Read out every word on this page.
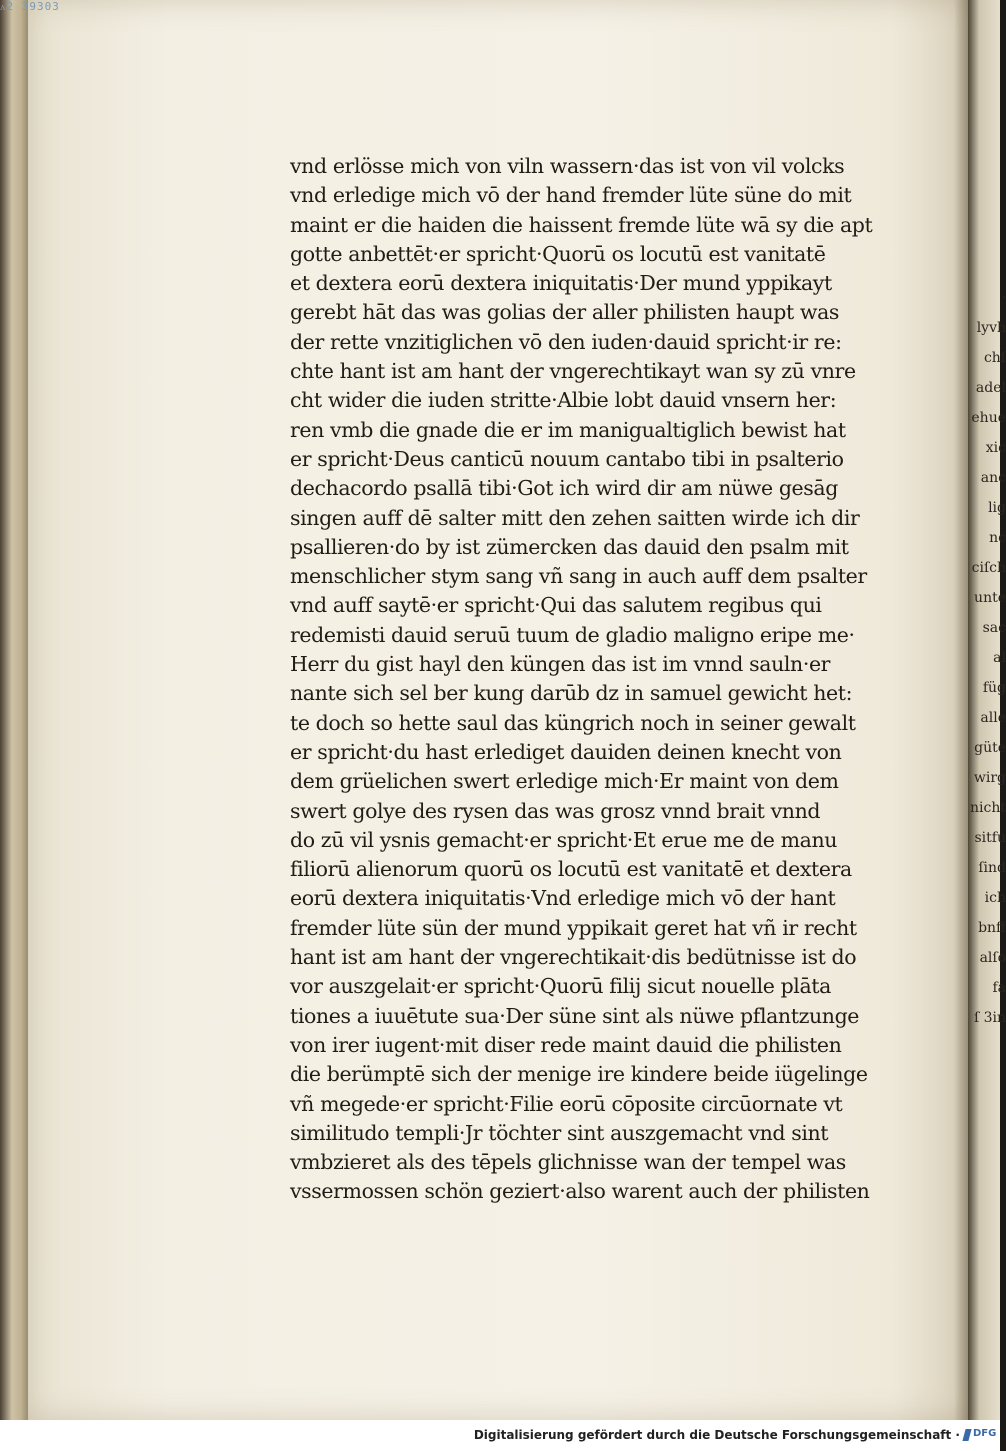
·
lyvh
chſ
adel
ehue
xic
anc
lig
nc
ciſch
unte
sac
al
füg
alle
güte
wirg
nicht
sitfu
ſind
ich
bnff
alſo
fa
ſ 3in
ᴧ2 39303
vnd erlösse mich von viln wassern·das ist von vil volcks
vnd erledige mich vō der hand fremder lüte süne do mit
maint er die haiden die haissent fremde lüte wā sy die apt
gotte anbettēt·er spricht·Quorū os locutū est vanitatē
et dextera eorū dextera iniquitatis·Der mund yppikayt
gerebt hāt das was golias der aller philisten haupt was
der rette vnzitiglichen vō den iuden·dauid spricht·ir re:
chte hant ist am hant der vngerechtikayt wan sy zū vnre
cht wider die iuden stritte·Albie lobt dauid vnsern her:
ren vmb die gnade die er im manigualtiglich bewist hat
er spricht·Deus canticū nouum cantabo tibi in psalterio
dechacordo psallā tibi·Got ich wird dir am nüwe gesāg
singen auff dē salter mitt den zehen saitten wirde ich dir
psallieren·do by ist zümercken das dauid den psalm mit
menschlicher stym sang vñ sang in auch auff dem psalter
vnd auff saytē·er spricht·Qui das salutem regibus qui
redemisti dauid seruū tuum de gladio maligno eripe me·
Herr du gist hayl den küngen das ist im vnnd sauln·er
nante sich sel ber kung darūb dz in samuel gewicht het:
te doch so hette saul das küngrich noch in seiner gewalt
er spricht·du hast erlediget dauiden deinen knecht von
dem grüelichen swert erledige mich·Er maint von dem
swert golye des rysen das was grosz vnnd brait vnnd
do zū vil ysnis gemacht·er spricht·Et erue me de manu
filiorū alienorum quorū os locutū est vanitatē et dextera
eorū dextera iniquitatis·Vnd erledige mich vō der hant
fremder lüte sün der mund yppikait geret hat vñ ir recht
hant ist am hant der vngerechtikait·dis bedütnisse ist do
vor auszgelait·er spricht·Quorū filij sicut nouelle plāta
tiones a iuuētute sua·Der süne sint als nüwe pflantzunge
von irer iugent·mit diser rede maint dauid die philisten
die berümptē sich der menige ire kindere beide iügelinge
vñ megede·er spricht·Filie eorū cōposite circūornate vt
similitudo templi·Jr töchter sint auszgemacht vnd sint
vmbzieret als des tēpels glichnisse wan der tempel was
vssermossen schön geziert·also warent auch der philisten
Digitalisierung gefördert durch die Deutsche Forschungsgemeinschaft · DFG
